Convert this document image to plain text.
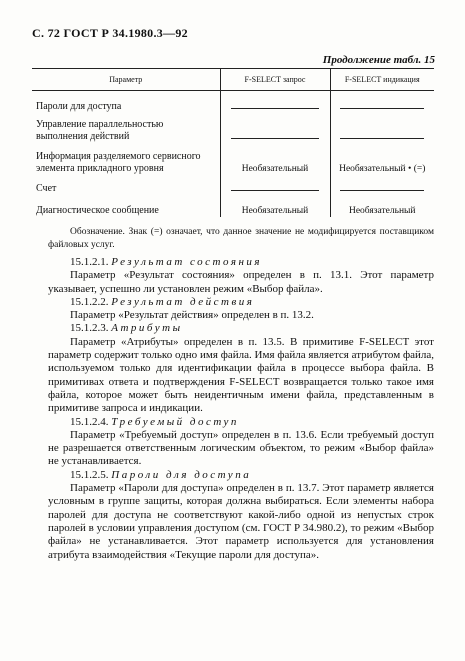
С. 72 ГОСТ Р 34.1980.3—92
Продолжение табл. 15
Параметр	F-SELECT запрос	F-SELECT индикация
Пароли для доступа		
Управление параллельностью выполнения действий		
Информация разделяемого сервисного элемента прикладного уровня	Необязательный	Необязательный • (=)

Счет		
Диагностическое сообщение	Необязательный	Необязательный
Обозначение. Знак (=) означает, что данное значение не модифицируется поставщиком файловых услуг.

15.1.2.1. Результат состояния

Параметр «Результат состояния» определен в п. 13.1. Этот параметр указывает, успешно ли установлен режим «Выбор файла».

15.1.2.2. Результат действия

Параметр «Результат действия» определен в п. 13.2.

15.1.2.3. Атрибуты

Параметр «Атрибуты» определен в п. 13.5. В примитиве F-SELECT этот параметр содержит только одно имя файла. Имя файла является атрибутом файла, используемом только для идентификации файла в процессе выбора файла. В примитивах ответа и подтверждения F-SELECT возвращается только такое имя файла, которое может быть неидентичным имени файла, представленным в примитиве запроса и индикации.

15.1.2.4. Требуемый доступ

Параметр «Требуемый доступ» определен в п. 13.6. Если требуемый доступ не разрешается ответственным логическим объектом, то режим «Выбор файла» не устанавливается.

15.1.2.5. Пароли для доступа

Параметр «Пароли для доступа» определен в п. 13.7. Этот параметр является условным в группе защиты, которая должна выбираться. Если элементы набора паролей для доступа не соответствуют какой-либо одной из непустых строк паролей в условии управления доступом (см. ГОСТ Р 34.980.2), то режим «Выбор файла» не устанавливается. Этот параметр используется для установления атрибута взаимодействия «Текущие пароли для доступа».
